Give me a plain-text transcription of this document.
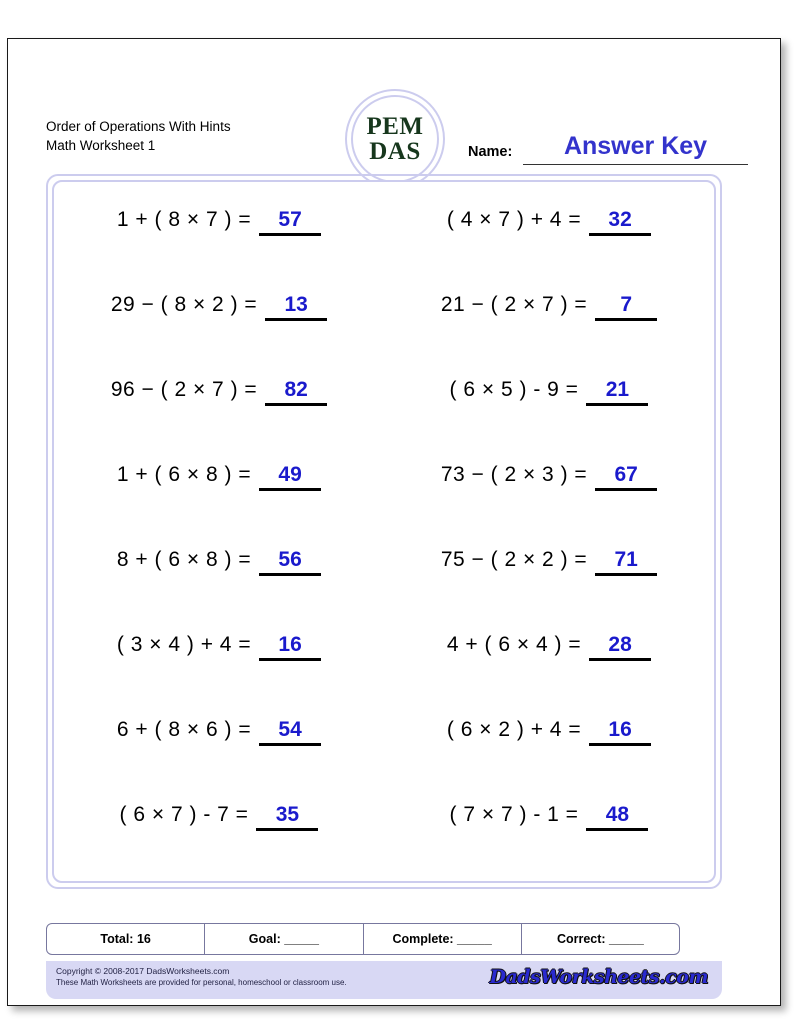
Order of Operations With Hints
Math Worksheet 1
PEM
DAS	Name:	Answer Key
1 + ( 8 × 7 ) =	57	( 4 × 7 ) + 4 =	32
29 − ( 8 × 2 ) =	13	21 − ( 2 × 7 ) =	7
96 − ( 2 × 7 ) =	82	( 6 × 5 ) - 9 =	21
1 + ( 6 × 8 ) =	49	73 − ( 2 × 3 ) =	67
8 + ( 6 × 8 ) =	56	75 − ( 2 × 2 ) =	71
( 3 × 4 ) + 4 =	16	4 + ( 6 × 4 ) =	28
6 + ( 8 × 6 ) =	54	( 6 × 2 ) + 4 =	16
( 6 × 7 ) - 7 =	35	( 7 × 7 ) - 1 =	48
Total: 16	Goal: _____	Complete: _____	Correct: _____
Copyright © 2008-2017 DadsWorksheets.com
These Math Worksheets are provided for personal, homeschool or classroom use.	DadsWorksheets.com
